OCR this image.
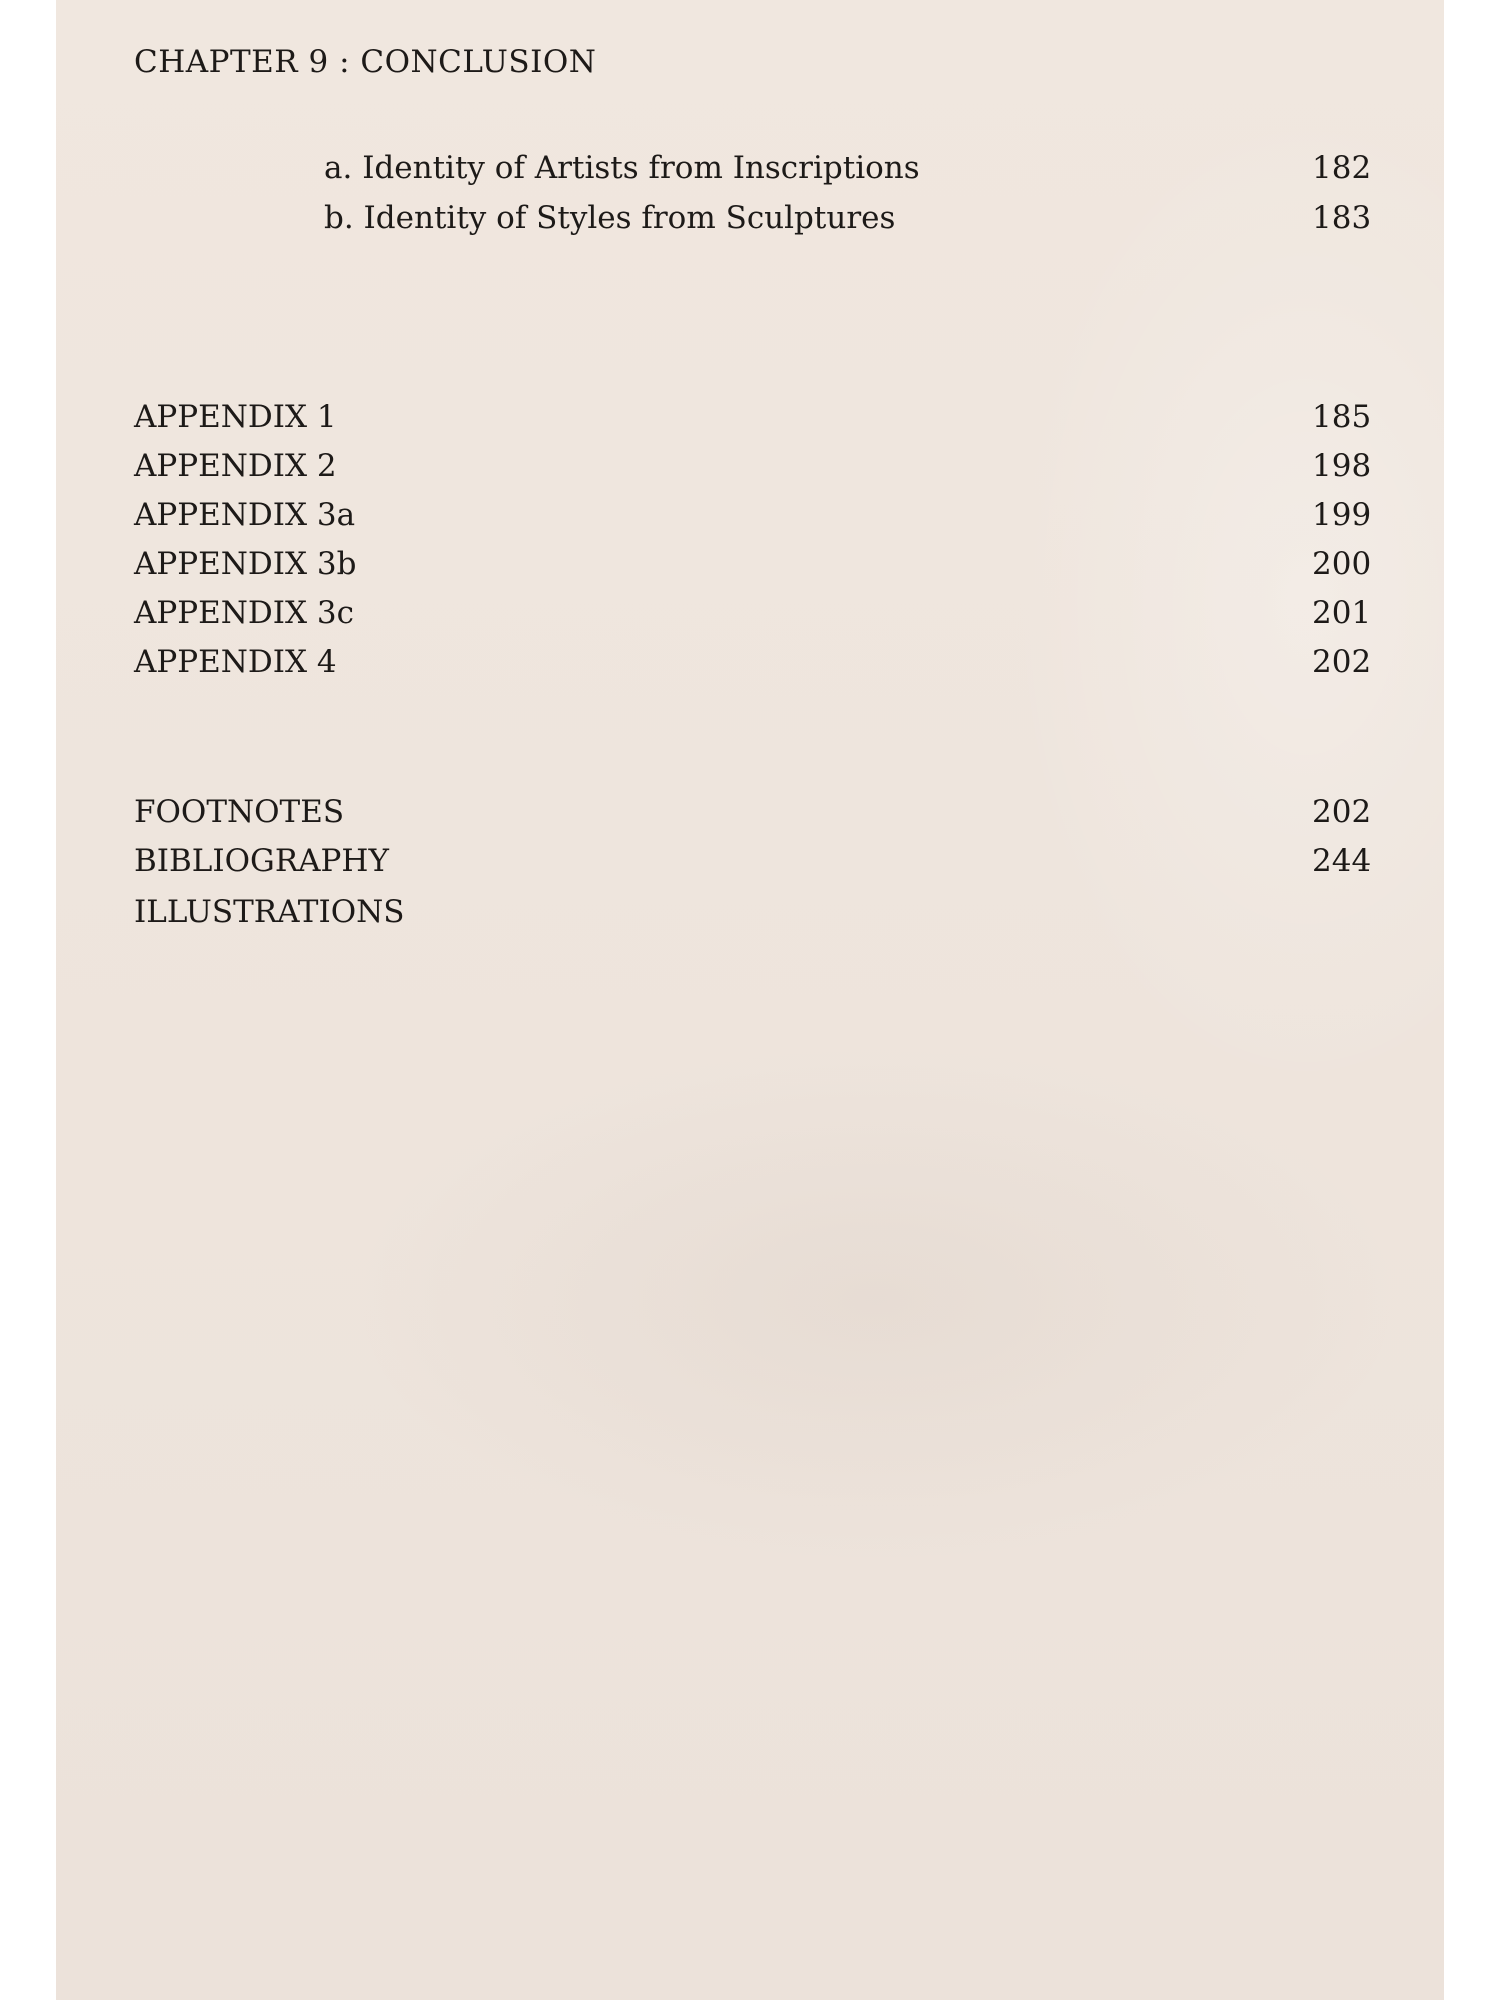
CHAPTER 9 : CONCLUSION
a. Identity of Artists from Inscriptions	182
b. Identity of Styles from Sculptures	183
APPENDIX 1	185
APPENDIX 2	198
APPENDIX 3a	199
APPENDIX 3b	200
APPENDIX 3c	201
APPENDIX 4	202
FOOTNOTES	202
BIBLIOGRAPHY	244
ILLUSTRATIONS
